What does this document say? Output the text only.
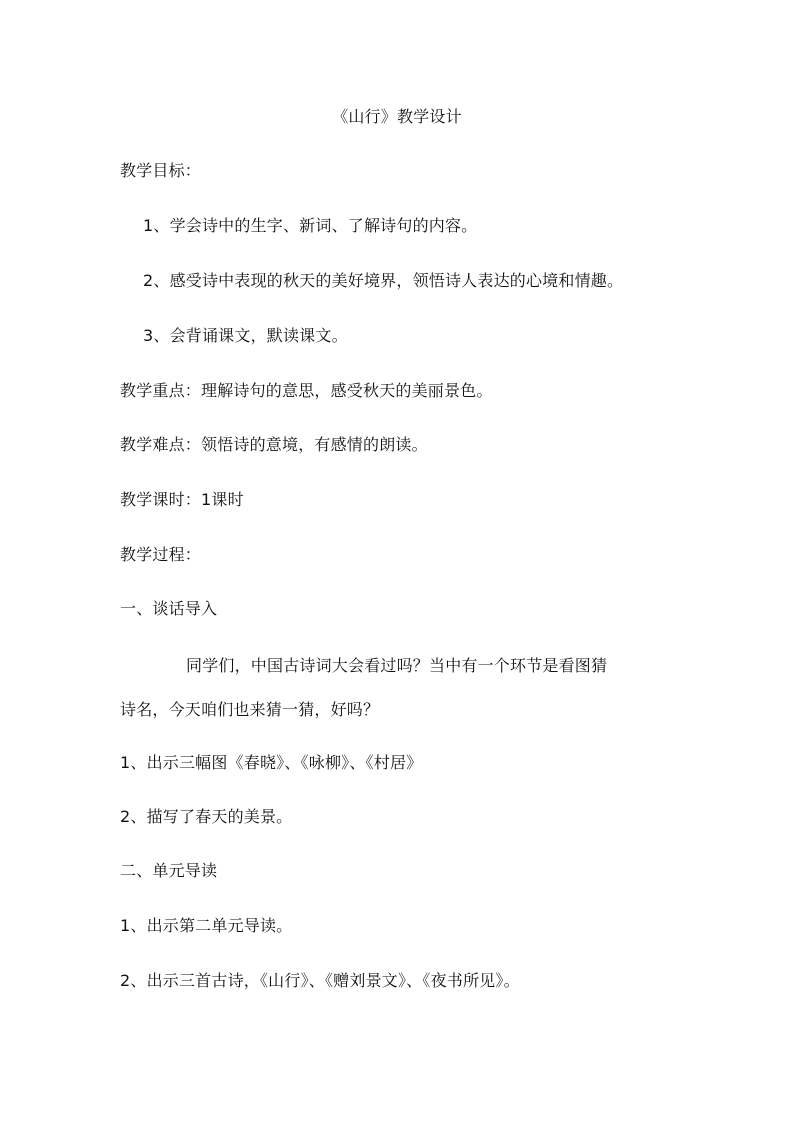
《山行》教学设计
教学目标：
1、学会诗中的生字、新词、了解诗句的内容。
2、感受诗中表现的秋天的美好境界，领悟诗人表达的心境和情趣。
3、会背诵课文，默读课文。
教学重点：理解诗句的意思，感受秋天的美丽景色。
教学难点：领悟诗的意境，有感情的朗读。
教学课时：1课时
教学过程：
一、谈话导入
同学们，中国古诗词大会看过吗？当中有一个环节是看图猜
诗名，今天咱们也来猜一猜，好吗？
1、出示三幅图《春晓》、《咏柳》、《村居》
2、描写了春天的美景。
二、单元导读
1、出示第二单元导读。
2、出示三首古诗，《山行》、《赠刘景文》、《夜书所见》。
